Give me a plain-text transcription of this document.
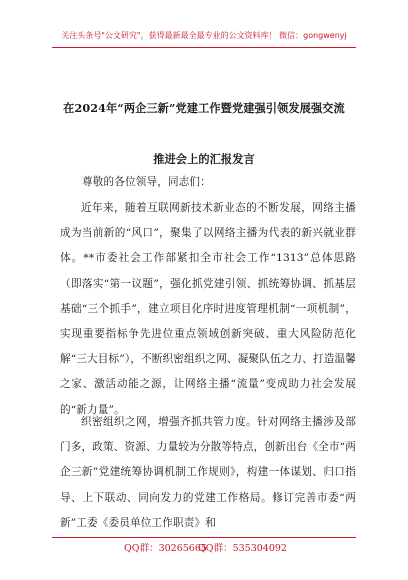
关注头条号"公文研究"，获得最新最全最专业的公文资料库！ 微信：gongwenyj
在2024年“两企三新”党建工作暨党建强引领发展强交流
推进会上的汇报发言
尊敬的各位领导，同志们：
近年来，随着互联网新技术新业态的不断发展，网络主播成为当前新的“风口”，聚集了以网络主播为代表的新兴就业群体。**市委社会工作部紧扣全市社会工作“1313”总体思路（即落实“第一议题”，强化抓党建引领、抓统筹协调、抓基层基础“三个抓手”，建立项目化序时进度管理机制“一项机制”，实现重要指标争先进位重点领域创新突破、重大风险防范化解“三大目标”），不断织密组织之网、凝聚队伍之力、打造温馨之家、激活动能之源，让网络主播“流量”变成助力社会发展的“新力量”。
织密组织之网，增强齐抓共管力度。针对网络主播涉及部门多，政策、资源、力量较为分散等特点，创新出台《全市“两企三新”党建统筹协调机制工作规则》，构建一体谋划、归口指导、上下联动、同向发力的党建工作格局。修订完善市委“两新”工委《委员单位工作职责》和
QQ群：30265665
QQ群：535304092
